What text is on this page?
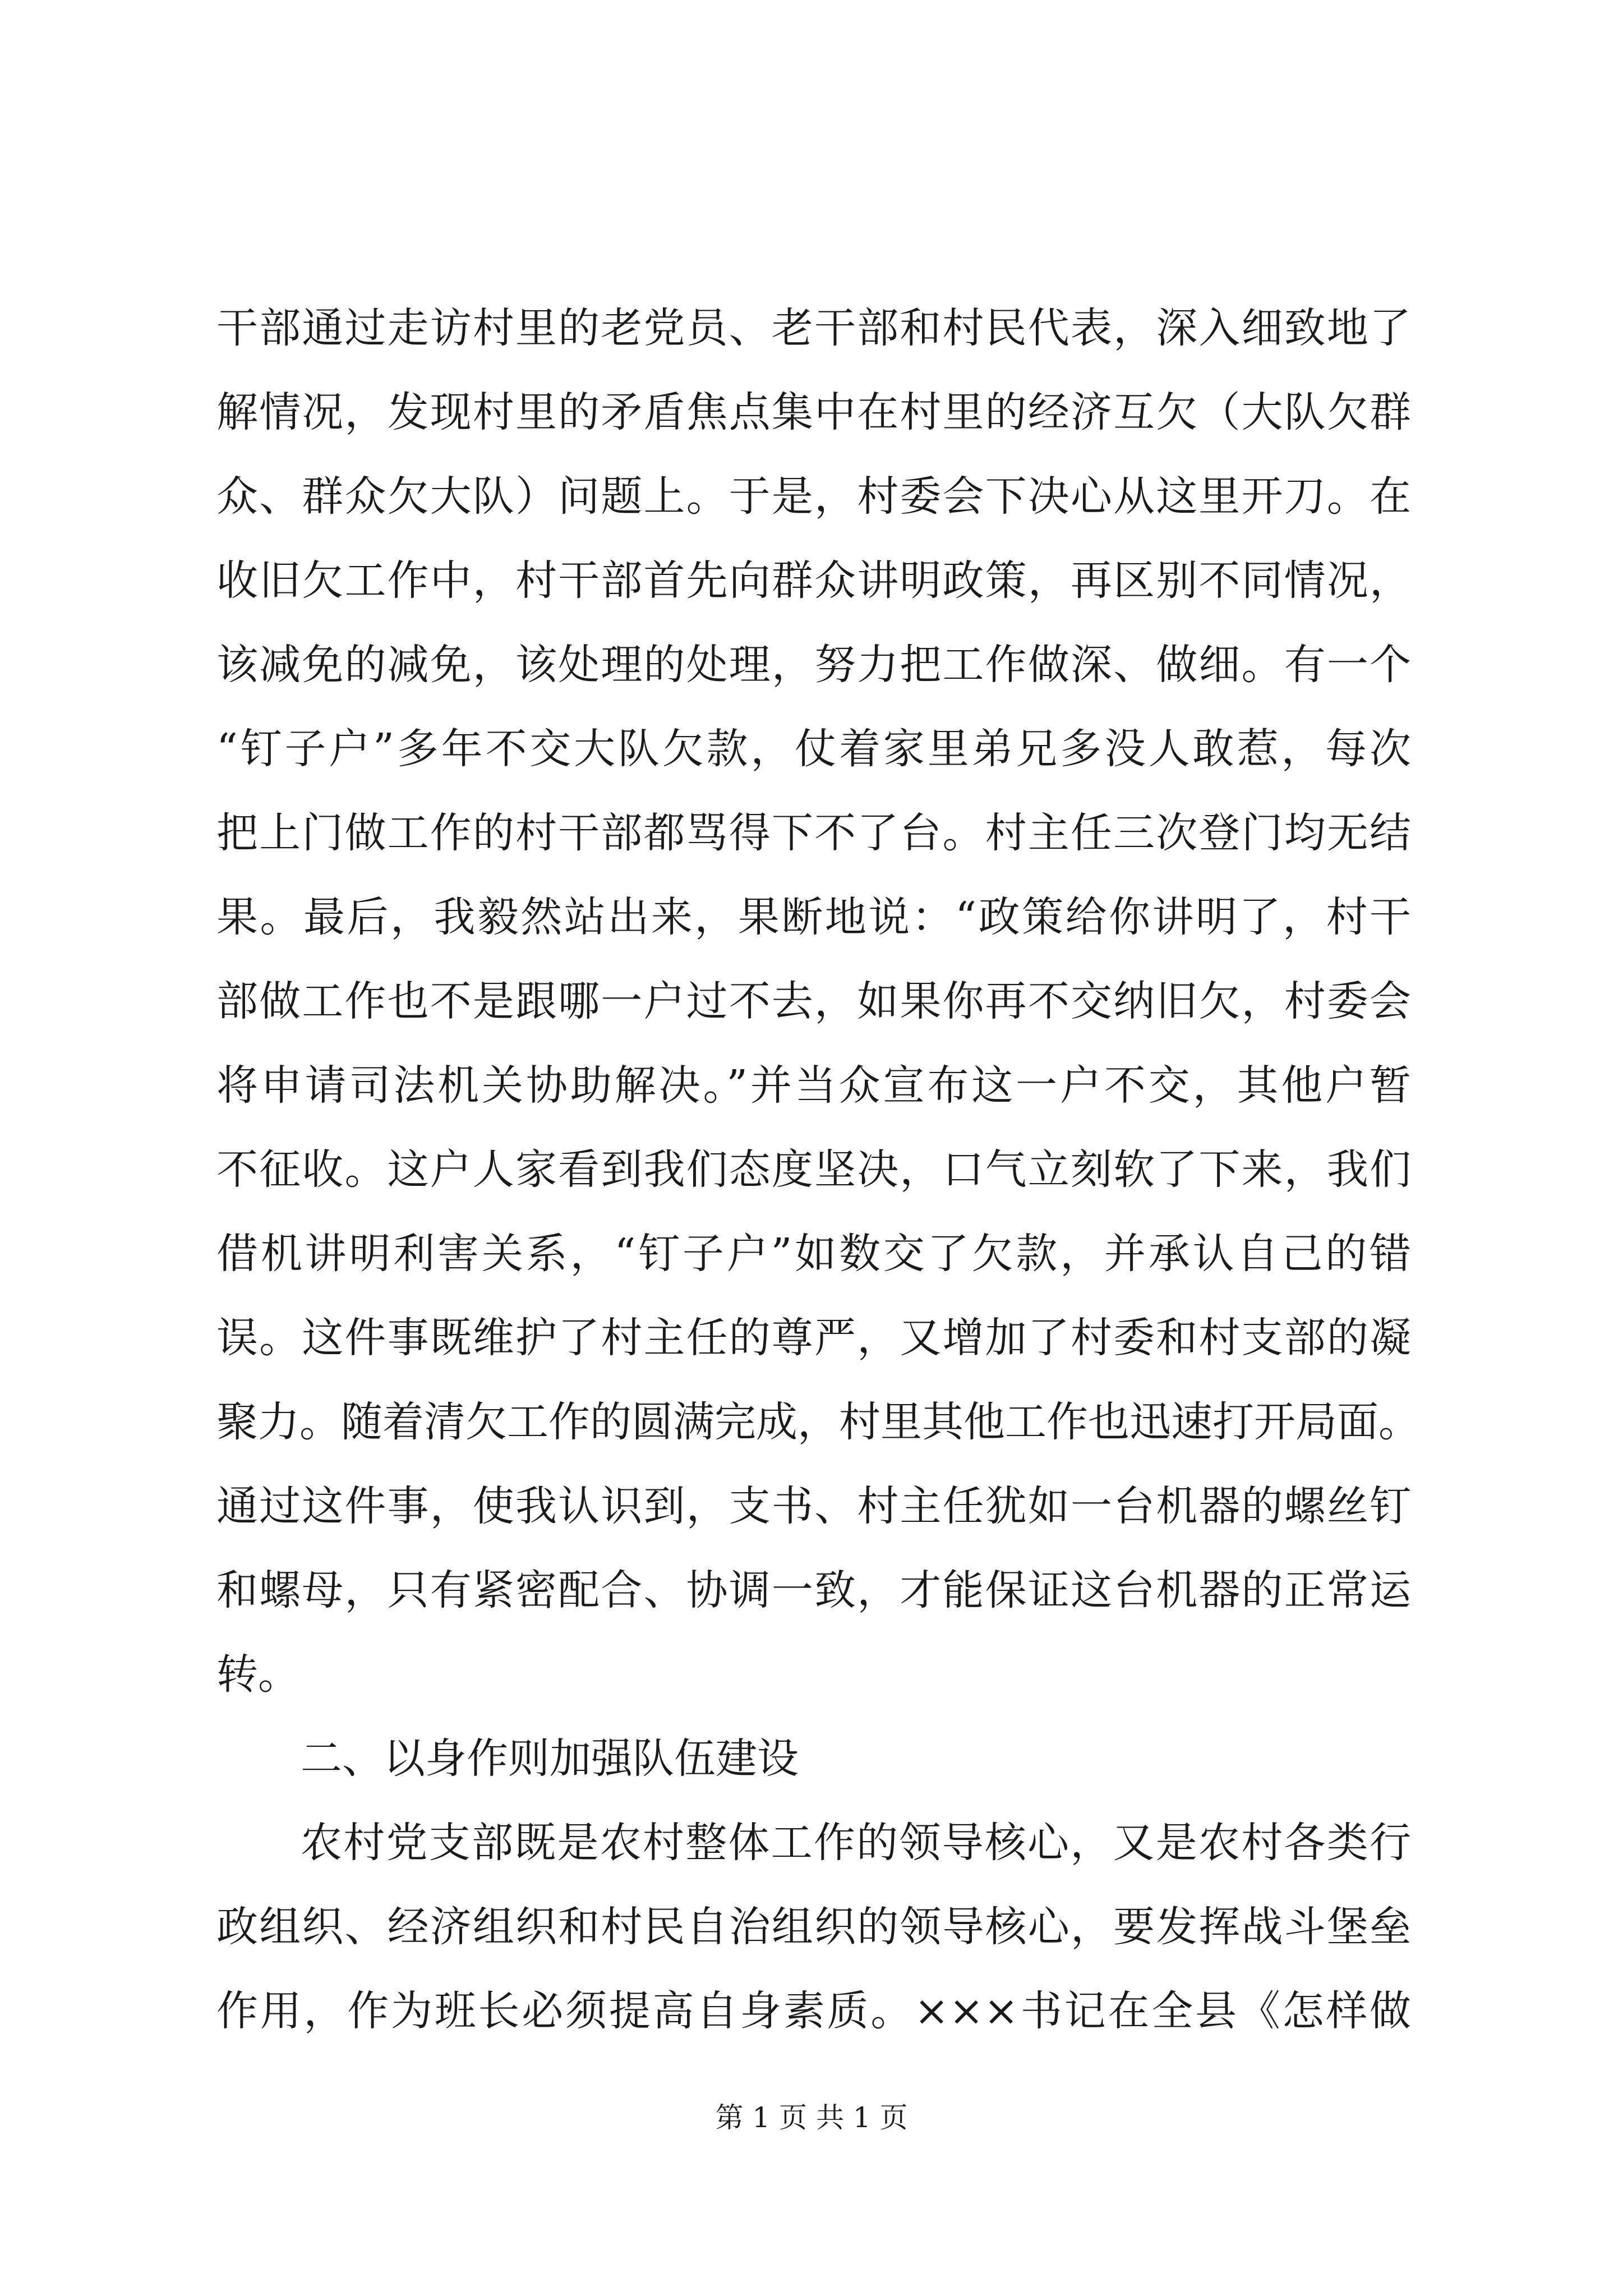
干部通过走访村里的老党员、老干部和村民代表，深入细致地了
解情况，发现村里的矛盾焦点集中在村里的经济互欠（大队欠群
众、群众欠大队）问题上。于是，村委会下决心从这里开刀。在
收旧欠工作中，村干部首先向群众讲明政策，再区别不同情况，
该减免的减免，该处理的处理，努力把工作做深、做细。有一个
“钉子户”多年不交大队欠款，仗着家里弟兄多没人敢惹，每次
把上门做工作的村干部都骂得下不了台。村主任三次登门均无结
果。最后，我毅然站出来，果断地说：“政策给你讲明了，村干
部做工作也不是跟哪一户过不去，如果你再不交纳旧欠，村委会
将申请司法机关协助解决。”并当众宣布这一户不交，其他户暂
不征收。这户人家看到我们态度坚决，口气立刻软了下来，我们
借机讲明利害关系，“钉子户”如数交了欠款，并承认自己的错
误。这件事既维护了村主任的尊严，又增加了村委和村支部的凝
聚力。随着清欠工作的圆满完成，村里其他工作也迅速打开局面。
通过这件事，使我认识到，支书、村主任犹如一台机器的螺丝钉
和螺母，只有紧密配合、协调一致，才能保证这台机器的正常运
转。
二、以身作则加强队伍建设
农村党支部既是农村整体工作的领导核心，又是农村各类行
政组织、经济组织和村民自治组织的领导核心，要发挥战斗堡垒
作用，作为班长必须提高自身素质。×××书记在全县《怎样做
第 1 页 共 1 页
